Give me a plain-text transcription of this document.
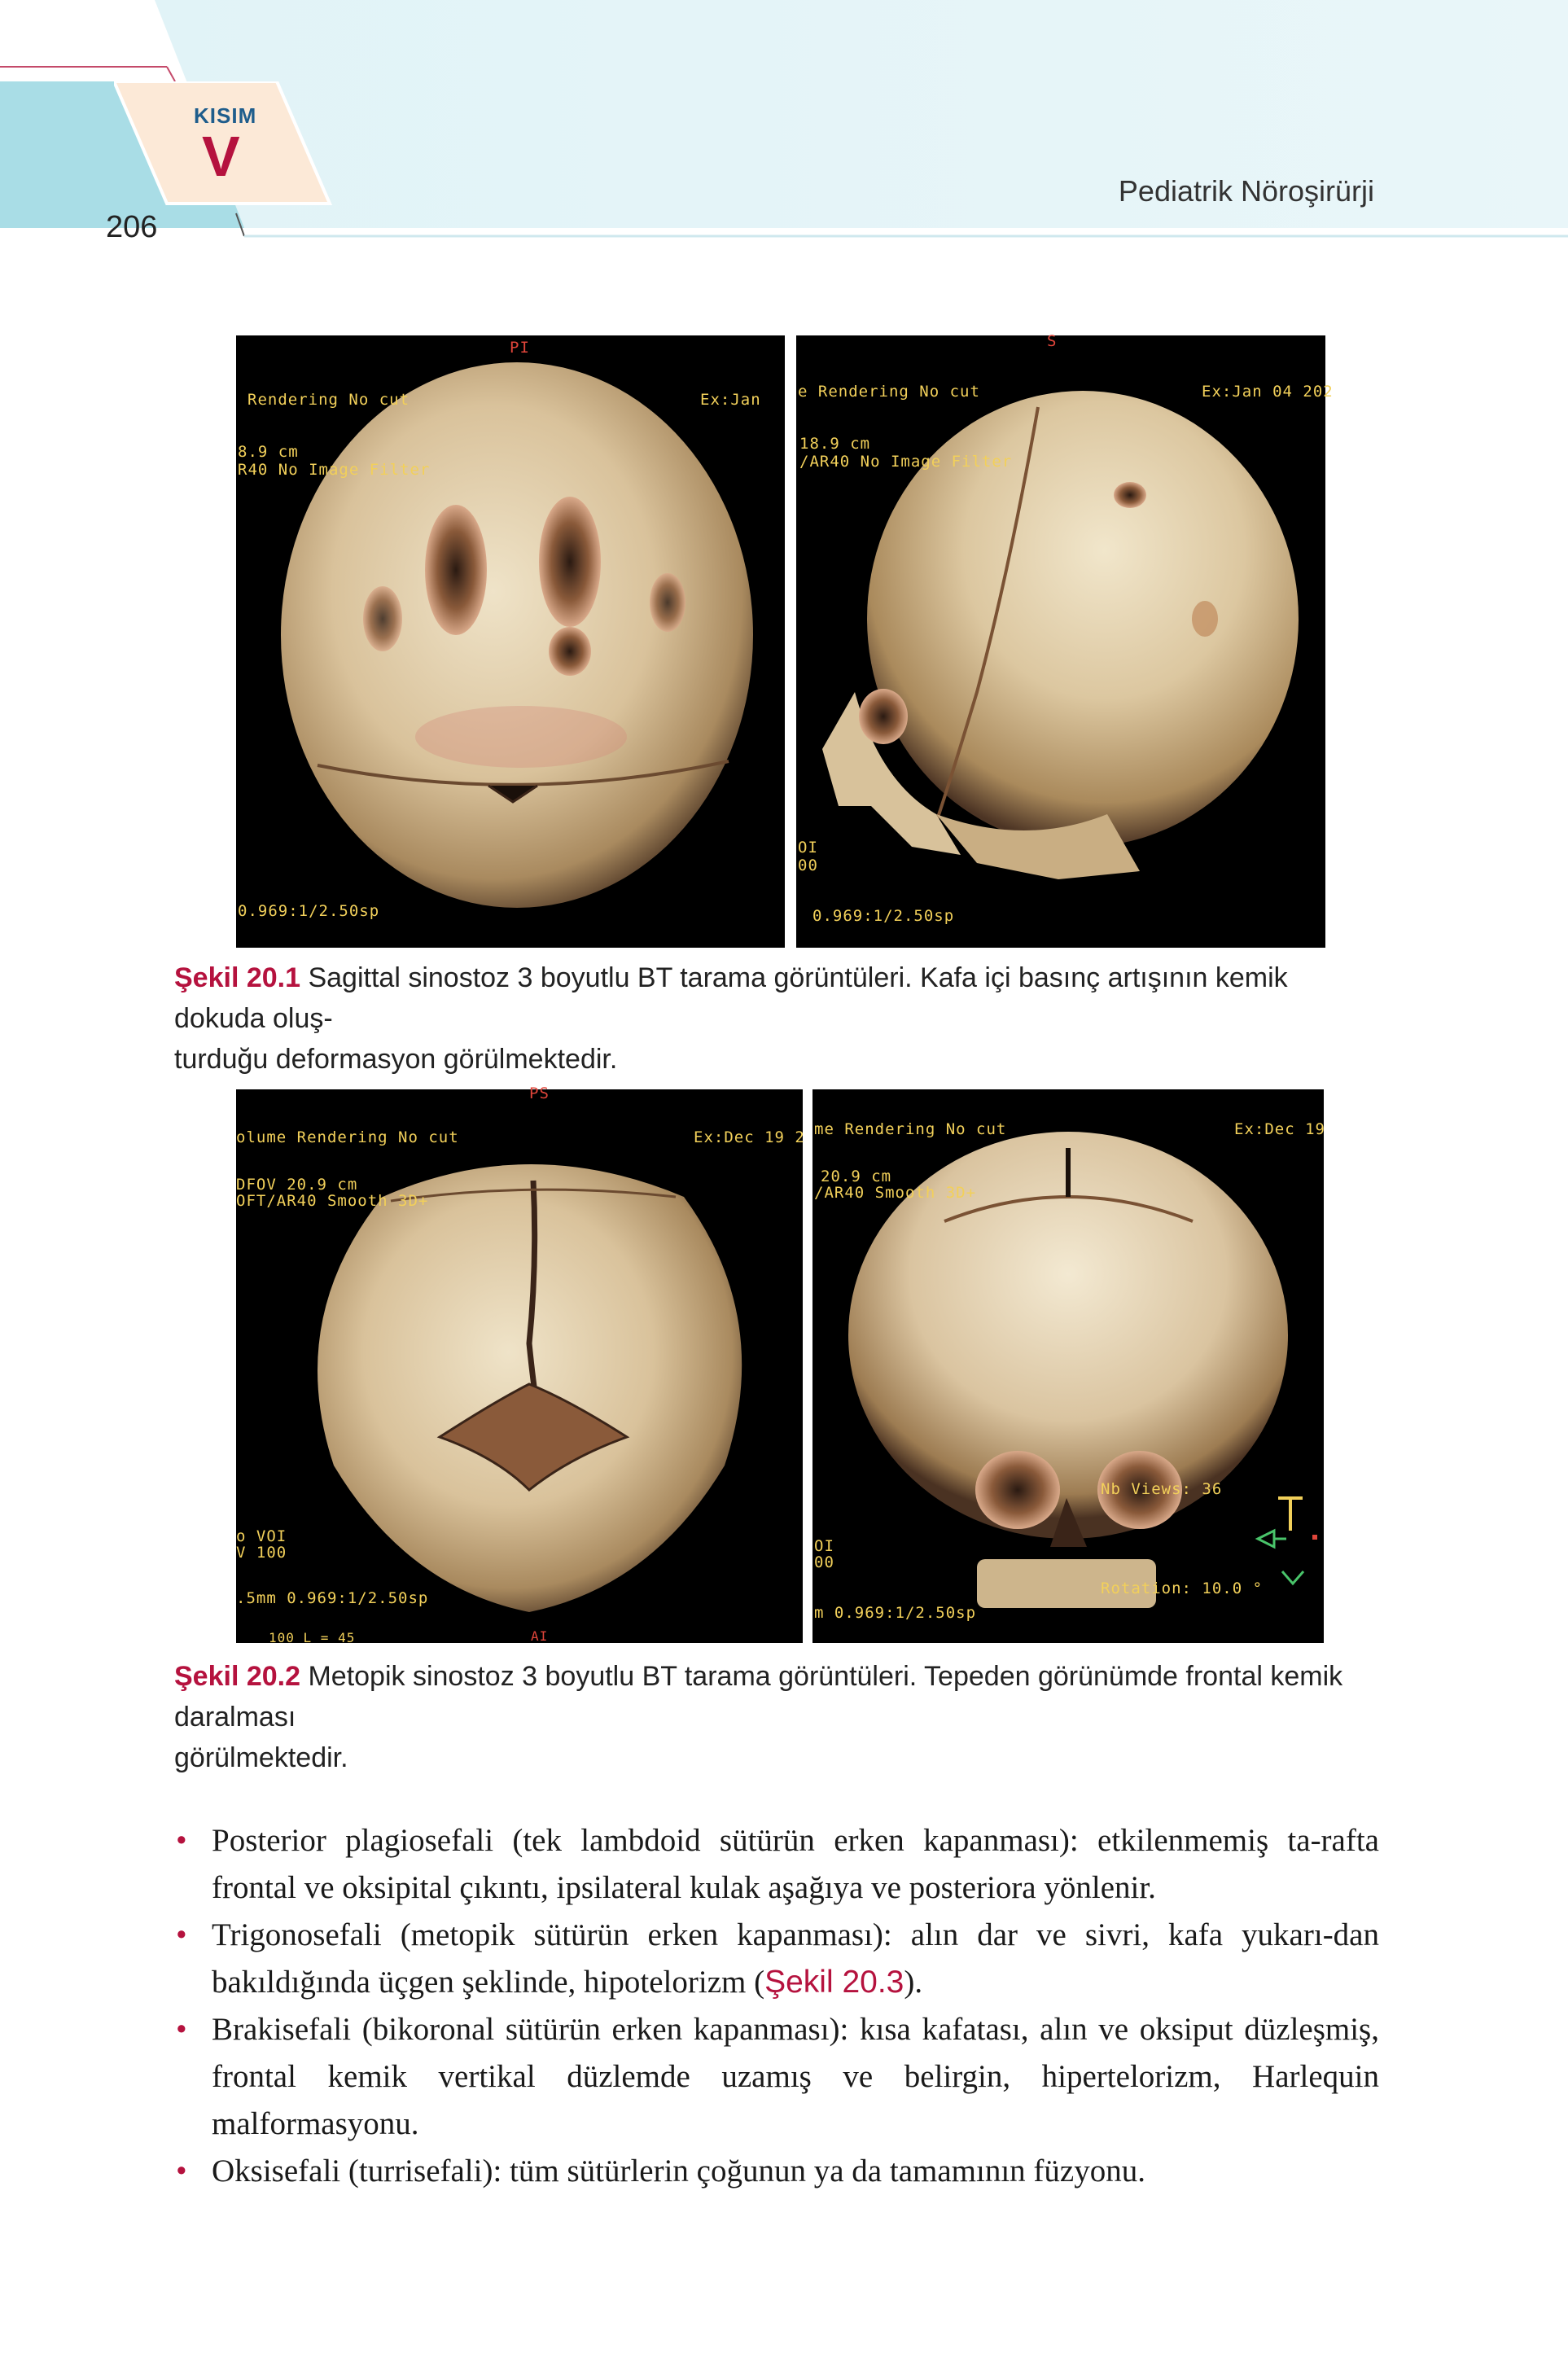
KISIM
V
206
Pediatrik Nöroşirürji
PI
Rendering No cut	Ex:Jan
8.9 cm
R40 No Image Filter
0.969:1/2.50sp
S
e Rendering No cut	Ex:Jan 04 202
18.9 cm
/AR40 No Image Filter
OI
00
0.969:1/2.50sp
Şekil 20.1 Sagittal sinostoz 3 boyutlu BT tarama görüntüleri. Kafa içi basınç artışının kemik dokuda oluş-
turduğu deformasyon görülmektedir.
PS
olume Rendering No cut	Ex:Dec 19 2
DFOV 20.9 cm
OFT/AR40 Smooth 3D+
o VOI
V 100
.5mm 0.969:1/2.50sp
100 L = 45	AI
me Rendering No cut	Ex:Dec 19
20.9 cm
/AR40 Smooth 3D+
Nb Views: 36
OI
00
Rotation: 10.0 °
m 0.969:1/2.50sp
Şekil 20.2 Metopik sinostoz 3 boyutlu BT tarama görüntüleri. Tepeden görünümde frontal kemik daralması
görülmektedir.
• Posterior plagiosefali (tek lambdoid sütürün erken kapanması): etkilenmemiş ta-rafta frontal ve oksipital çıkıntı, ipsilateral kulak aşağıya ve posteriora yönlenir.
• Trigonosefali (metopik sütürün erken kapanması): alın dar ve sivri, kafa yukarı-dan bakıldığında üçgen şeklinde, hipotelorizm (Şekil 20.3).
• Brakisefali (bikoronal sütürün erken kapanması): kısa kafatası, alın ve oksiput düzleşmiş, frontal kemik vertikal düzlemde uzamış ve belirgin, hipertelorizm, Harlequin malformasyonu.
• Oksisefali (turrisefali): tüm sütürlerin çoğunun ya da tamamının füzyonu.
